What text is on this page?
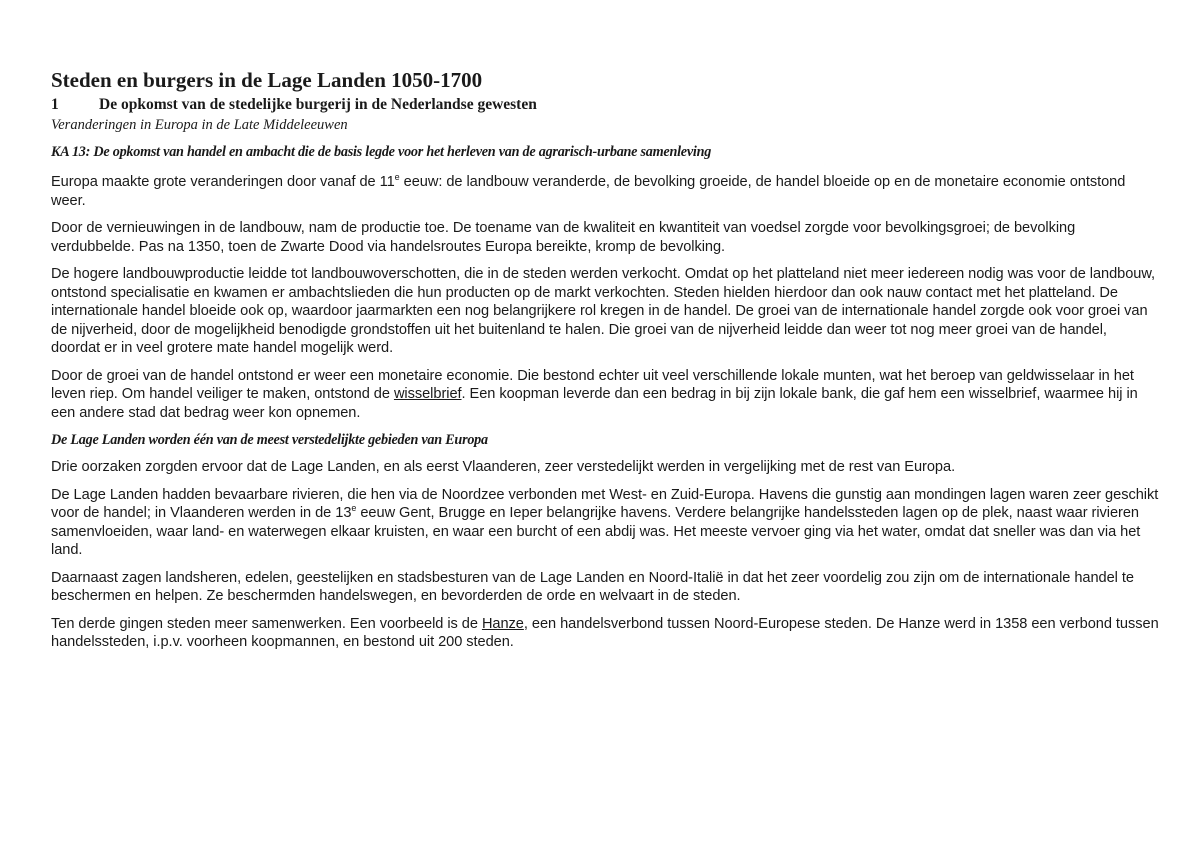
Steden en burgers in de Lage Landen 1050-1700
1	De opkomst van de stedelijke burgerij in de Nederlandse gewesten
Veranderingen in Europa in de Late Middeleeuwen
KA 13: De opkomst van handel en ambacht die de basis legde voor het herleven van de agrarisch-urbane samenleving

Europa maakte grote veranderingen door vanaf de 11e eeuw: de landbouw veranderde, de bevolking groeide, de handel bloeide op en de monetaire economie ontstond weer.

Door de vernieuwingen in de landbouw, nam de productie toe. De toename van de kwaliteit en kwantiteit van voedsel zorgde voor bevolkingsgroei; de bevolking verdubbelde. Pas na 1350, toen de Zwarte Dood via handelsroutes Europa bereikte, kromp de bevolking.

De hogere landbouwproductie leidde tot landbouwoverschotten, die in de steden werden verkocht. Omdat op het platteland niet meer iedereen nodig was voor de landbouw, ontstond specialisatie en kwamen er ambachtslieden die hun producten op de markt verkochten. Steden hielden hierdoor dan ook nauw contact met het platteland. De internationale handel bloeide ook op, waardoor jaarmarkten een nog belangrijkere rol kregen in de handel. De groei van de internationale handel zorgde ook voor groei van de nijverheid, door de mogelijkheid benodigde grondstoffen uit het buitenland te halen. Die groei van de nijverheid leidde dan weer tot nog meer groei van de handel, doordat er in veel grotere mate handel mogelijk werd.

Door de groei van de handel ontstond er weer een monetaire economie. Die bestond echter uit veel verschillende lokale munten, wat het beroep van geldwisselaar in het leven riep. Om handel veiliger te maken, ontstond de wisselbrief. Een koopman leverde dan een bedrag in bij zijn lokale bank, die gaf hem een wisselbrief, waarmee hij in een andere stad dat bedrag weer kon opnemen.

De Lage Landen worden één van de meest verstedelijkte gebieden van Europa

Drie oorzaken zorgden ervoor dat de Lage Landen, en als eerst Vlaanderen, zeer verstedelijkt werden in vergelijking met de rest van Europa.

De Lage Landen hadden bevaarbare rivieren, die hen via de Noordzee verbonden met West- en Zuid-Europa. Havens die gunstig aan mondingen lagen waren zeer geschikt voor de handel; in Vlaanderen werden in de 13e eeuw Gent, Brugge en Ieper belangrijke havens. Verdere belangrijke handelssteden lagen op de plek, naast waar rivieren samenvloeiden, waar land- en waterwegen elkaar kruisten, en waar een burcht of een abdij was. Het meeste vervoer ging via het water, omdat dat sneller was dan via het land.

Daarnaast zagen landsheren, edelen, geestelijken en stadsbesturen van de Lage Landen en Noord-Italië in dat het zeer voordelig zou zijn om de internationale handel te beschermen en helpen. Ze beschermden handelswegen, en bevorderden de orde en welvaart in de steden.

Ten derde gingen steden meer samenwerken. Een voorbeeld is de Hanze, een handelsverbond tussen Noord-Europese steden. De Hanze werd in 1358 een verbond tussen handelssteden, i.p.v. voorheen koopmannen, en bestond uit 200 steden.
